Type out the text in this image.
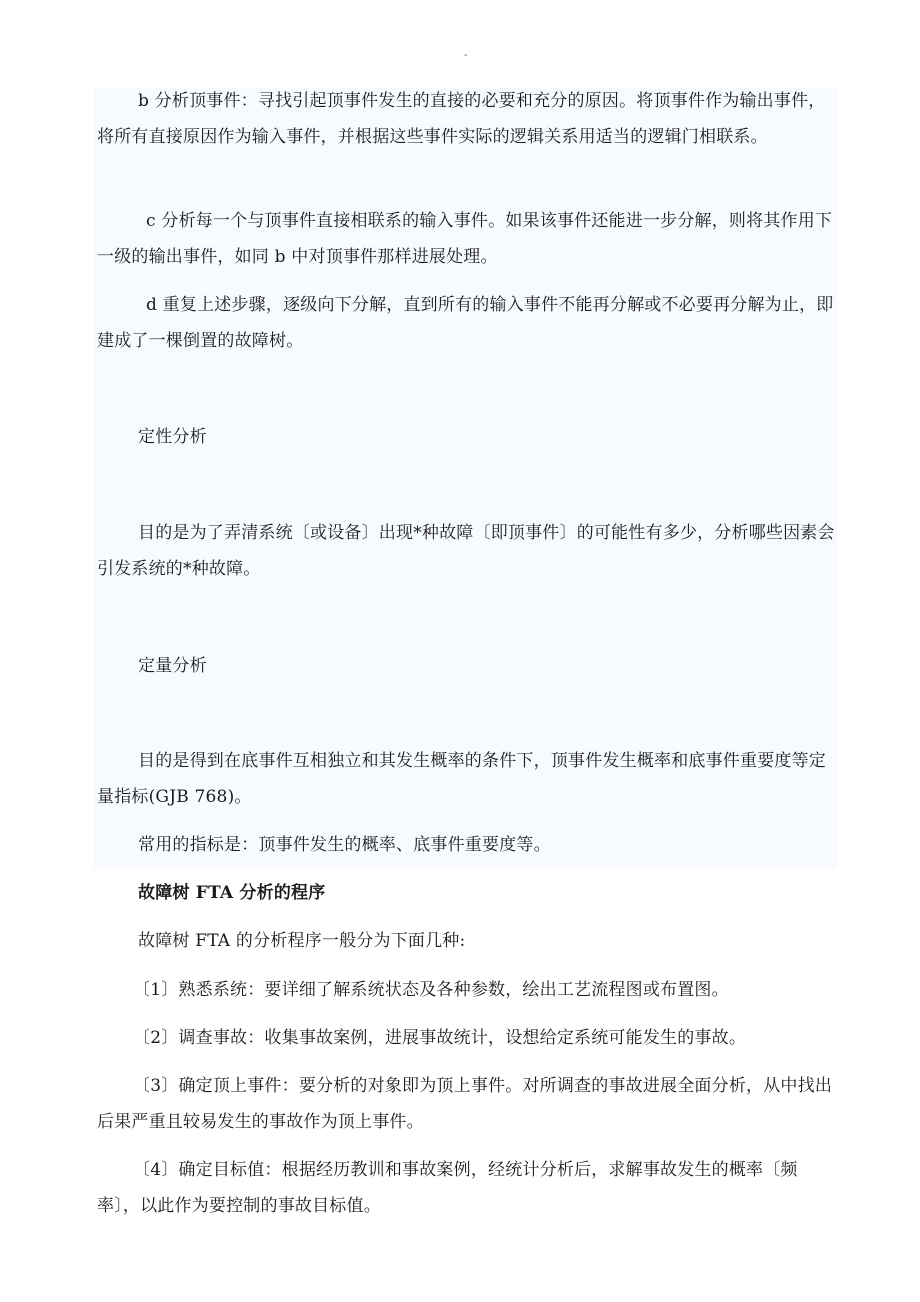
-

b 分析顶事件：寻找引起顶事件发生的直接的必要和充分的原因。将顶事件作为输出事件，将所有直接原因作为输入事件，并根据这些事件实际的逻辑关系用适当的逻辑门相联系。

c 分析每一个与顶事件直接相联系的输入事件。如果该事件还能进一步分解，则将其作用下一级的输出事件，如同 b 中对顶事件那样进展处理。

d 重复上述步骤，逐级向下分解，直到所有的输入事件不能再分解或不必要再分解为止，即建成了一棵倒置的故障树。

定性分析

目的是为了弄清系统〔或设备〕出现*种故障〔即顶事件〕的可能性有多少，分析哪些因素会引发系统的*种故障。

定量分析

目的是得到在底事件互相独立和其发生概率的条件下，顶事件发生概率和底事件重要度等定量指标(GJB 768)。

常用的指标是：顶事件发生的概率、底事件重要度等。

故障树 FTA 分析的程序

故障树 FTA 的分析程序一般分为下面几种:

〔1〕熟悉系统：要详细了解系统状态及各种参数，绘出工艺流程图或布置图。

〔2〕调查事故：收集事故案例，进展事故统计，设想给定系统可能发生的事故。

〔3〕确定顶上事件：要分析的对象即为顶上事件。对所调查的事故进展全面分析，从中找出后果严重且较易发生的事故作为顶上事件。

〔4〕确定目标值：根据经历教训和事故案例，经统计分析后，求解事故发生的概率〔频率〕，以此作为要控制的事故目标值。
